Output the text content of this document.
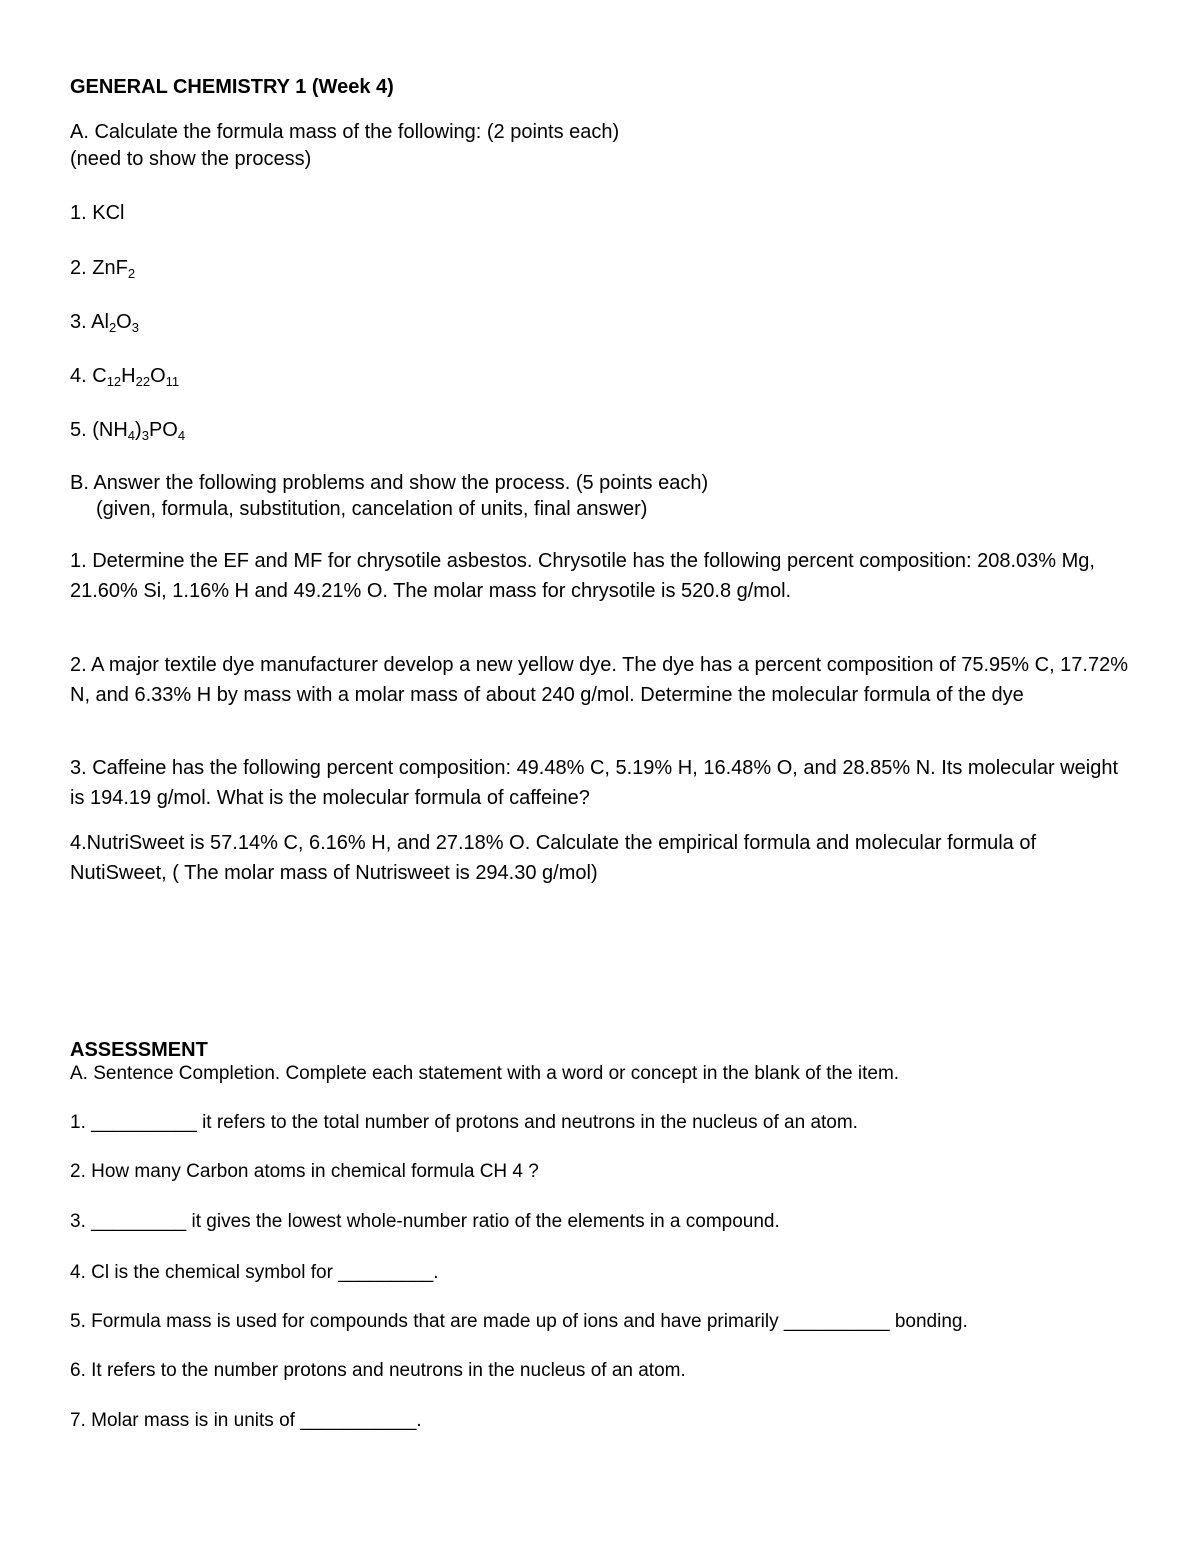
GENERAL CHEMISTRY 1 (Week 4)
A. Calculate the formula mass of the following: (2 points each)
(need to show the process)
1. KCl
2. ZnF$_2$
3. $Al_2O_3$
4. $C_{12}H_{22}O_{11}$
5. $(NH_4)_3PO_4$
B. Answer the following problems and show the process. (5 points each)
(given, formula, substitution, cancelation of units, final answer)
1. Determine the EF and MF for chrysotile asbestos. Chrysotile has the following percent composition: 208.03% Mg, 21.60% Si, 1.16% H and 49.21% O. The molar mass for chrysotile is 520.8 g/mol.
2. A major textile dye manufacturer develop a new yellow dye. The dye has a percent composition of 75.95% C, 17.72% N, and 6.33% H by mass with a molar mass of about 240 g/mol. Determine the molecular formula of the dye
3. Caffeine has the following percent composition: 49.48% C, 5.19% H, 16.48% O, and 28.85% N. Its molecular weight is 194.19 g/mol. What is the molecular formula of caffeine?
4.NutriSweet is 57.14% C, 6.16% H, and 27.18% O. Calculate the empirical formula and molecular formula of NutiSweet, ( The molar mass of Nutrisweet is 294.30 g/mol)
ASSESSMENT
A. Sentence Completion. Complete each statement with a word or concept in the blank of the item.
1. __________ it refers to the total number of protons and neutrons in the nucleus of an atom.
2. How many Carbon atoms in chemical formula CH 4 ?
3. _________ it gives the lowest whole-number ratio of the elements in a compound.
4. Cl is the chemical symbol for _________.
5. Formula mass is used for compounds that are made up of ions and have primarily __________ bonding.
6. It refers to the number protons and neutrons in the nucleus of an atom.
7. Molar mass is in units of ___________.
